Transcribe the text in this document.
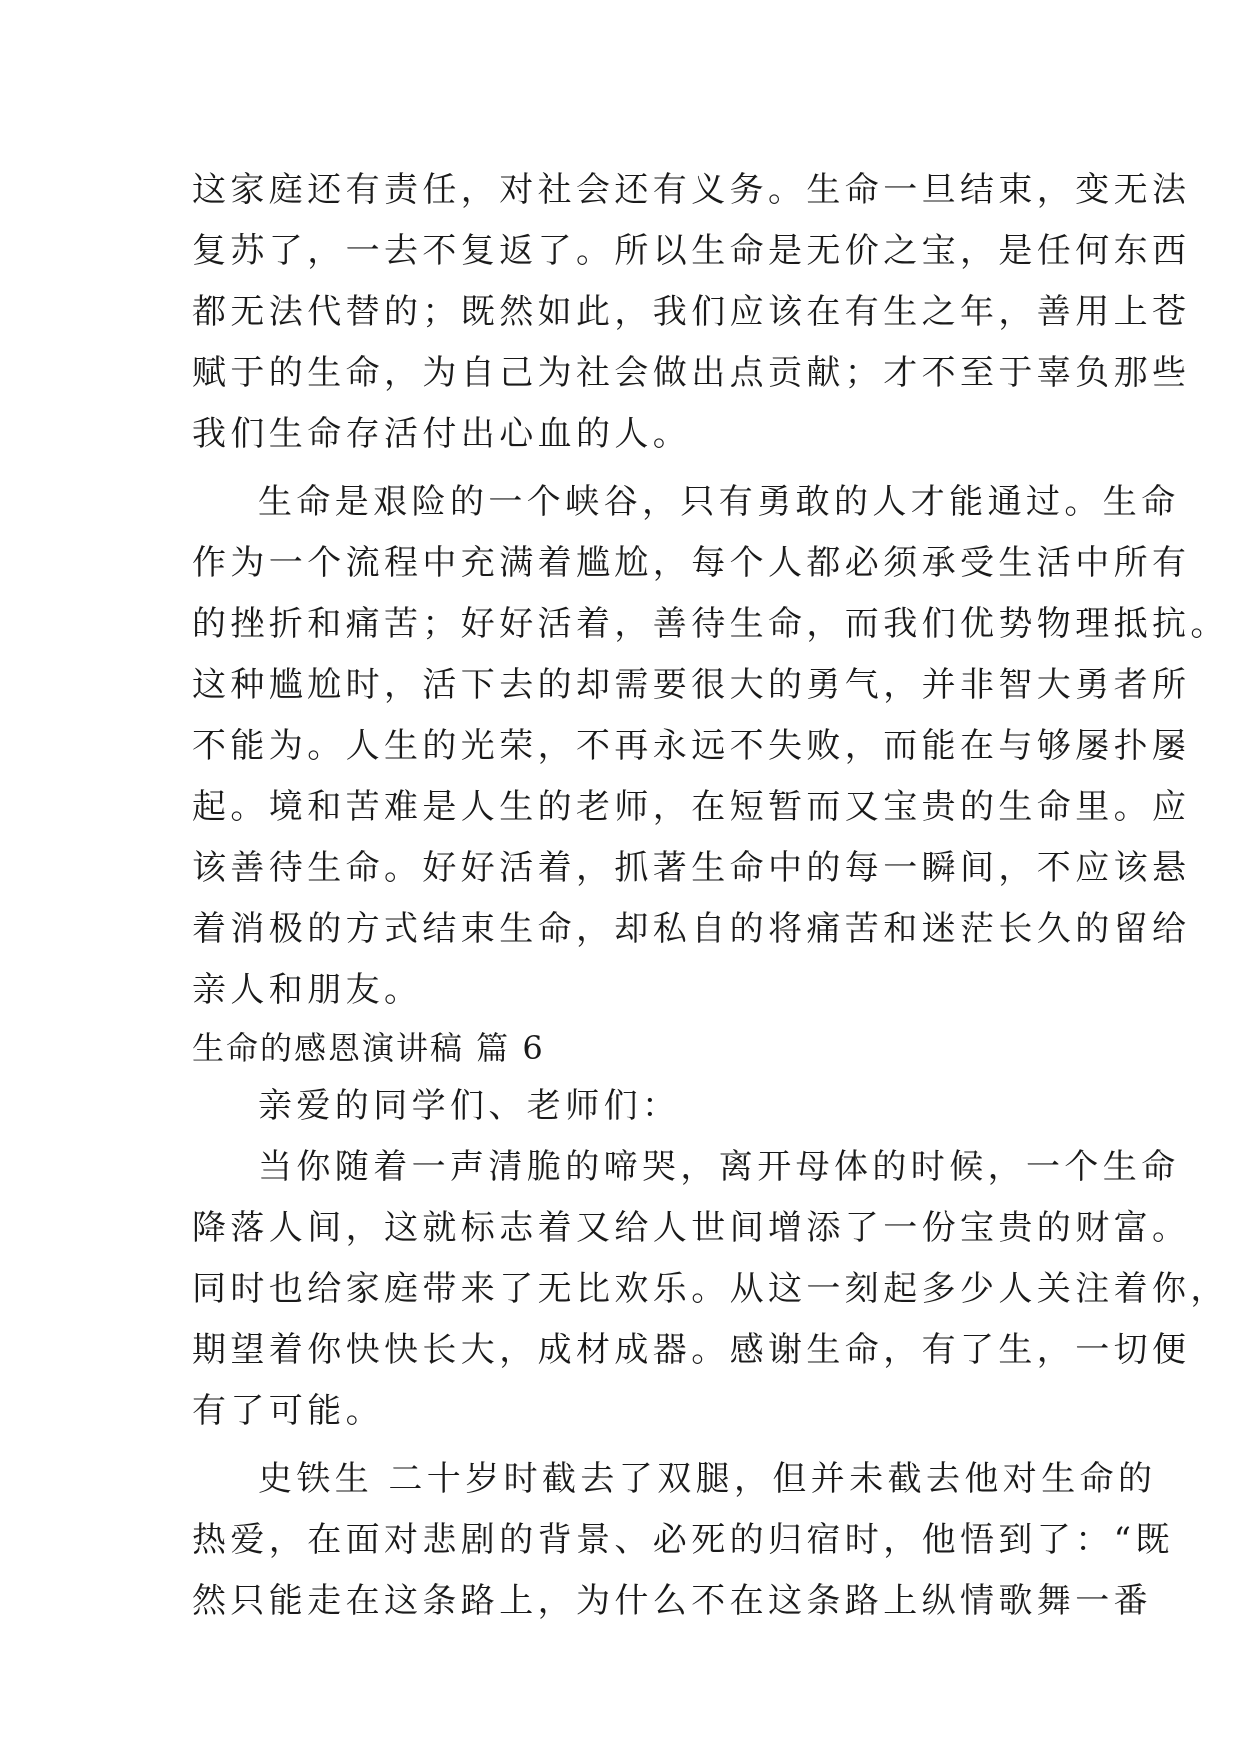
这家庭还有责任，对社会还有义务。生命一旦结束，变无法
复苏了，一去不复返了。所以生命是无价之宝，是任何东西
都无法代替的；既然如此，我们应该在有生之年，善用上苍
赋于的生命，为自己为社会做出点贡献；才不至于辜负那些
我们生命存活付出心血的人。
生命是艰险的一个峡谷，只有勇敢的人才能通过。生命
作为一个流程中充满着尴尬，每个人都必须承受生活中所有
的挫折和痛苦；好好活着，善待生命，而我们优势物理抵抗。
这种尴尬时，活下去的却需要很大的勇气，并非智大勇者所
不能为。人生的光荣，不再永远不失败，而能在与够屡扑屡
起。境和苦难是人生的老师，在短暂而又宝贵的生命里。应
该善待生命。好好活着，抓著生命中的每一瞬间，不应该悬
着消极的方式结束生命，却私自的将痛苦和迷茫长久的留给
亲人和朋友。
生命的感恩演讲稿 篇 6
亲爱的同学们、老师们：
当你随着一声清脆的啼哭，离开母体的时候，一个生命
降落人间，这就标志着又给人世间增添了一份宝贵的财富。
同时也给家庭带来了无比欢乐。从这一刻起多少人关注着你，
期望着你快快长大，成材成器。感谢生命，有了生，一切便
有了可能。
史铁生 二十岁时截去了双腿，但并未截去他对生命的
热爱，在面对悲剧的背景、必死的归宿时，他悟到了：“既
然只能走在这条路上，为什么不在这条路上纵情歌舞一番
